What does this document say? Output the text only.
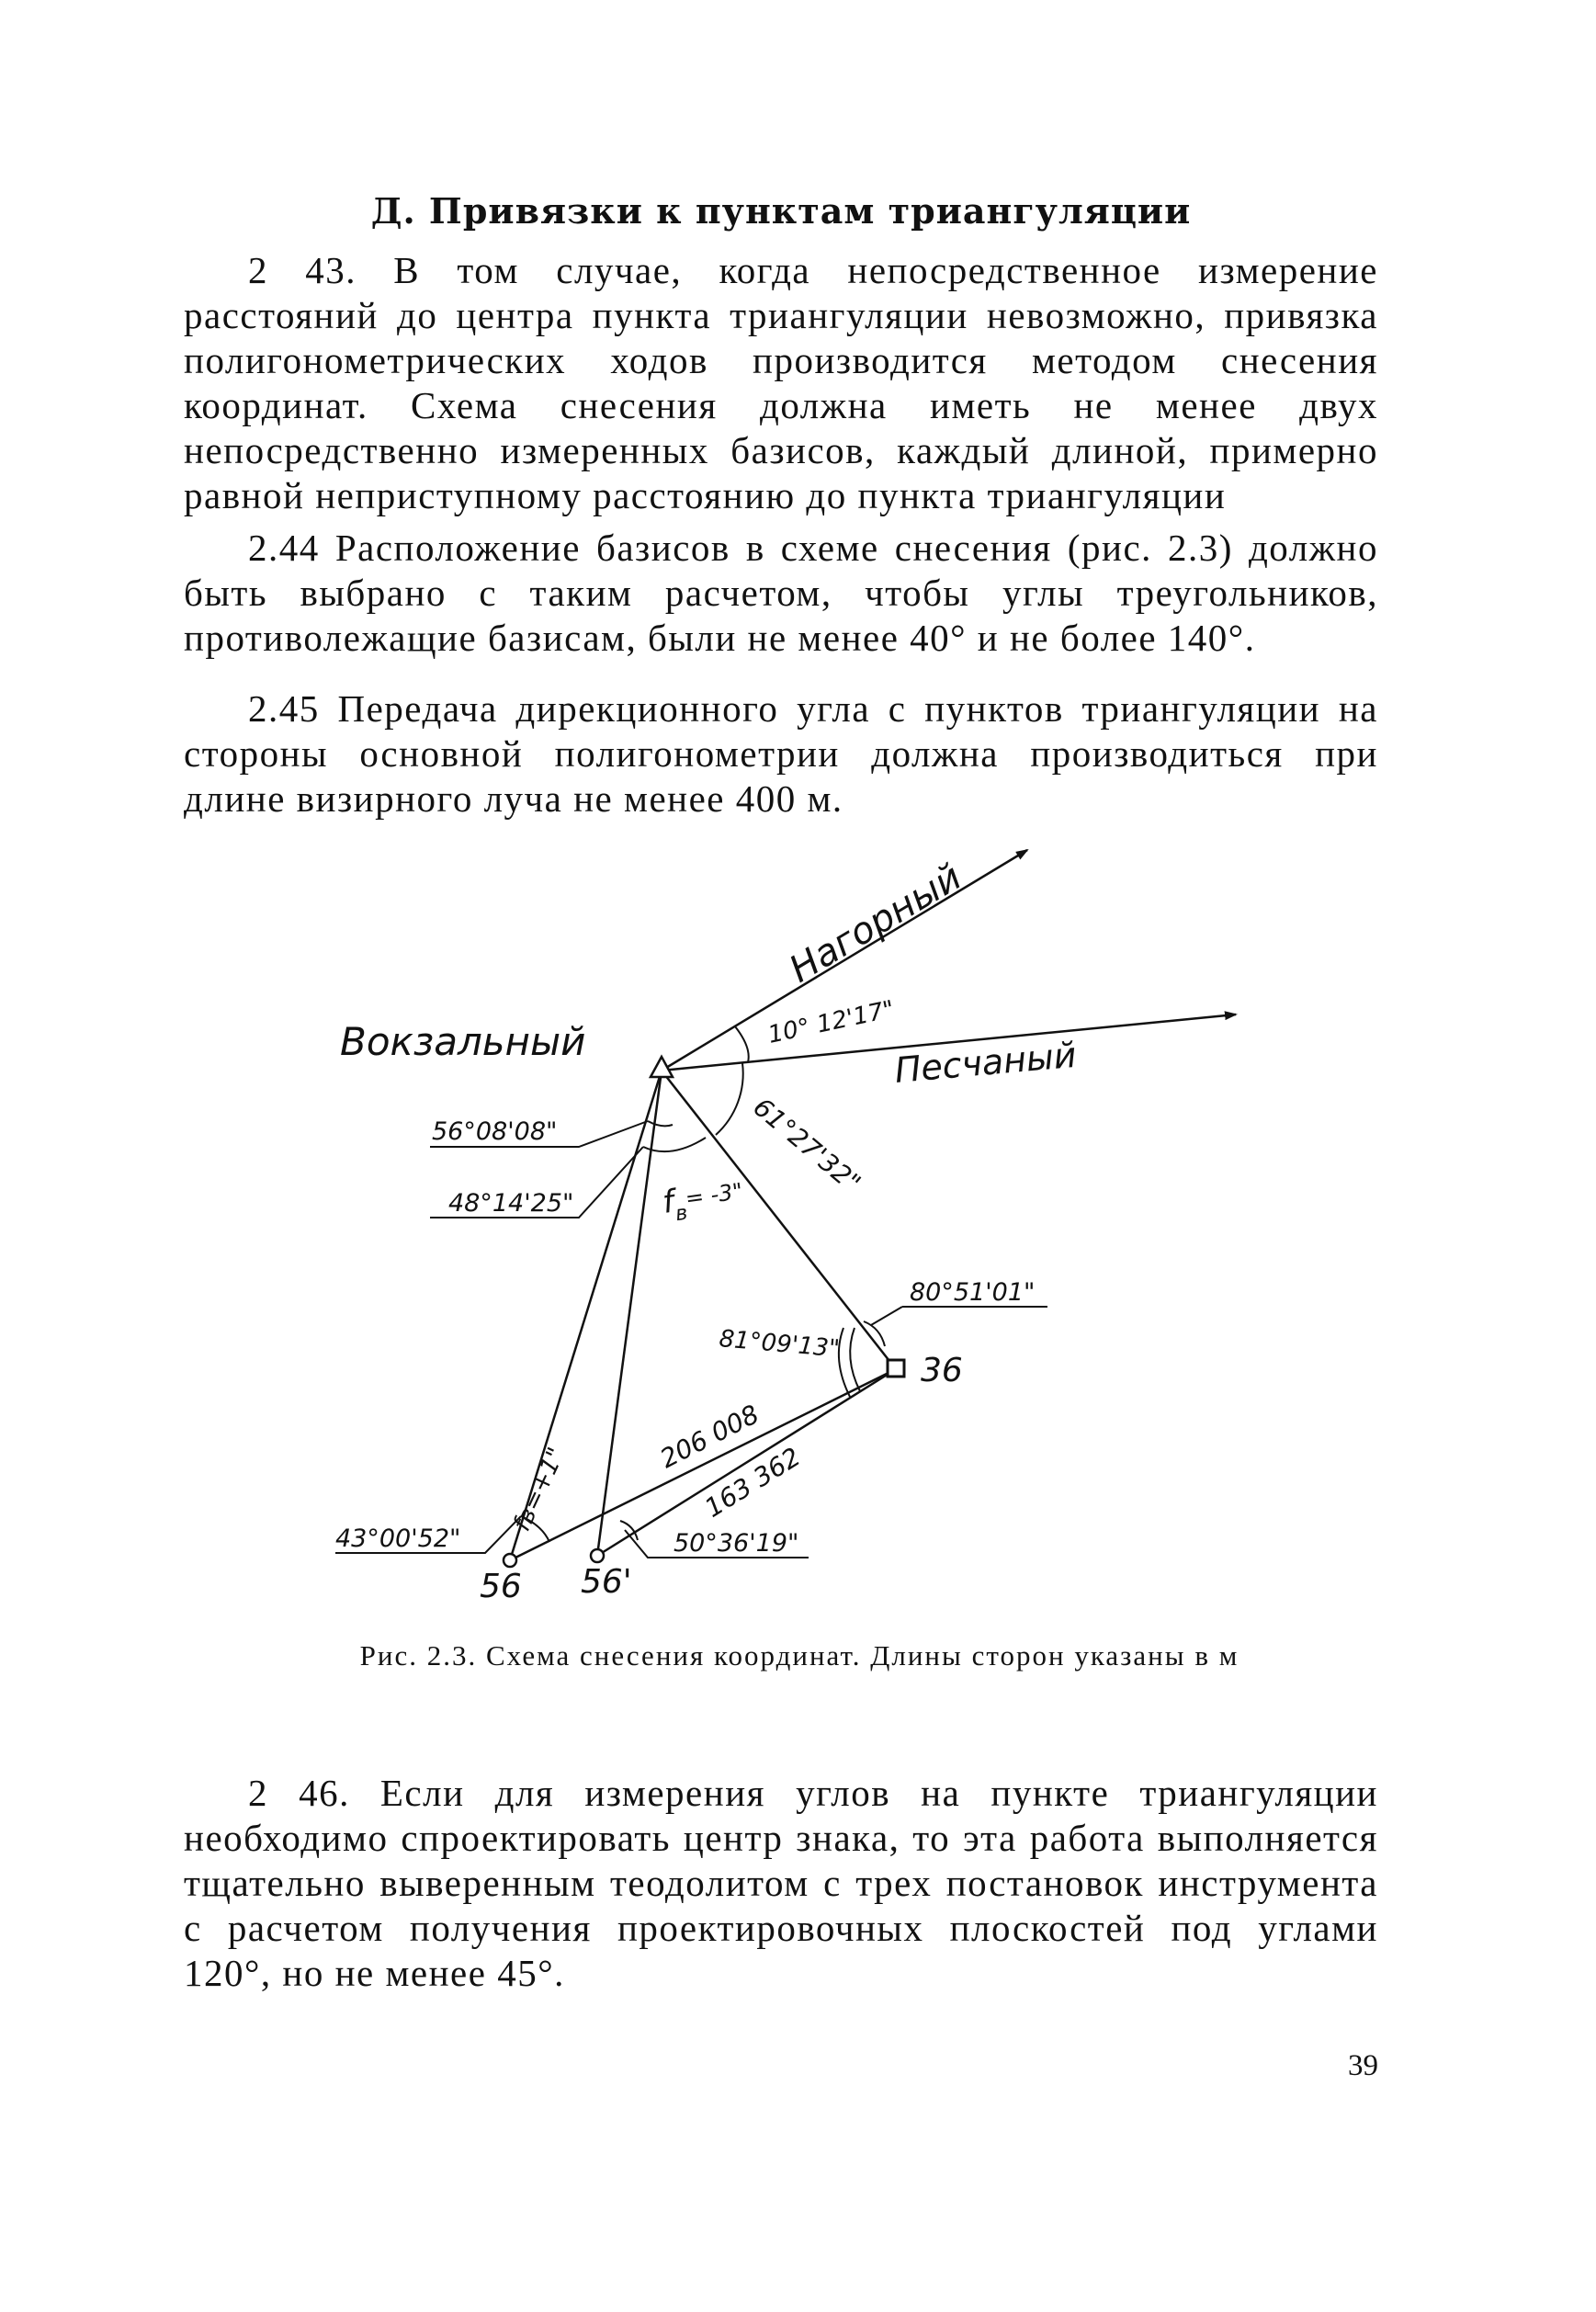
Д. Привязки к пунктам триангуляции

2 43. В том случае, когда непосредственное измерение расстояний до центра пункта триангуляции невозможно, привязка полигонометрических ходов производится методом снесения координат. Схема снесения должна иметь не менее двух непосредственно измеренных базисов, каждый длиной, примерно равной неприступному расстоянию до пункта триангуляции

2.44 Расположение базисов в схеме снесения (рис. 2.3) должно быть выбрано с таким расчетом, чтобы углы треугольников, противолежащие базисам, были не менее 40° и не более 140°.

2.45 Передача дирекционного угла с пунктов триангуляции на стороны основной полигонометрии должна производиться при длине визирного луча не менее 400 м.

Вокзальный
Нагорный
Песчаный
36
56 56'
10° 12'17"
61°27'32"
56°08'08"
48°14'25"	$f_в^{= -3"}$
80°51'01"
81°09'13"
fв=+1"
43°00'52"	50°36'19"
206 008
163 362
Рис. 2.3. Схема снесения координат. Длины сторон указаны в м

2 46. Если для измерения углов на пункте триангуляции необходимо спроектировать центр знака, то эта работа выполняется тщательно выверенным теодолитом с трех постановок инструмента с расчетом получения проектировочных плоскостей под углами 120°, но не менее 45°.

39
